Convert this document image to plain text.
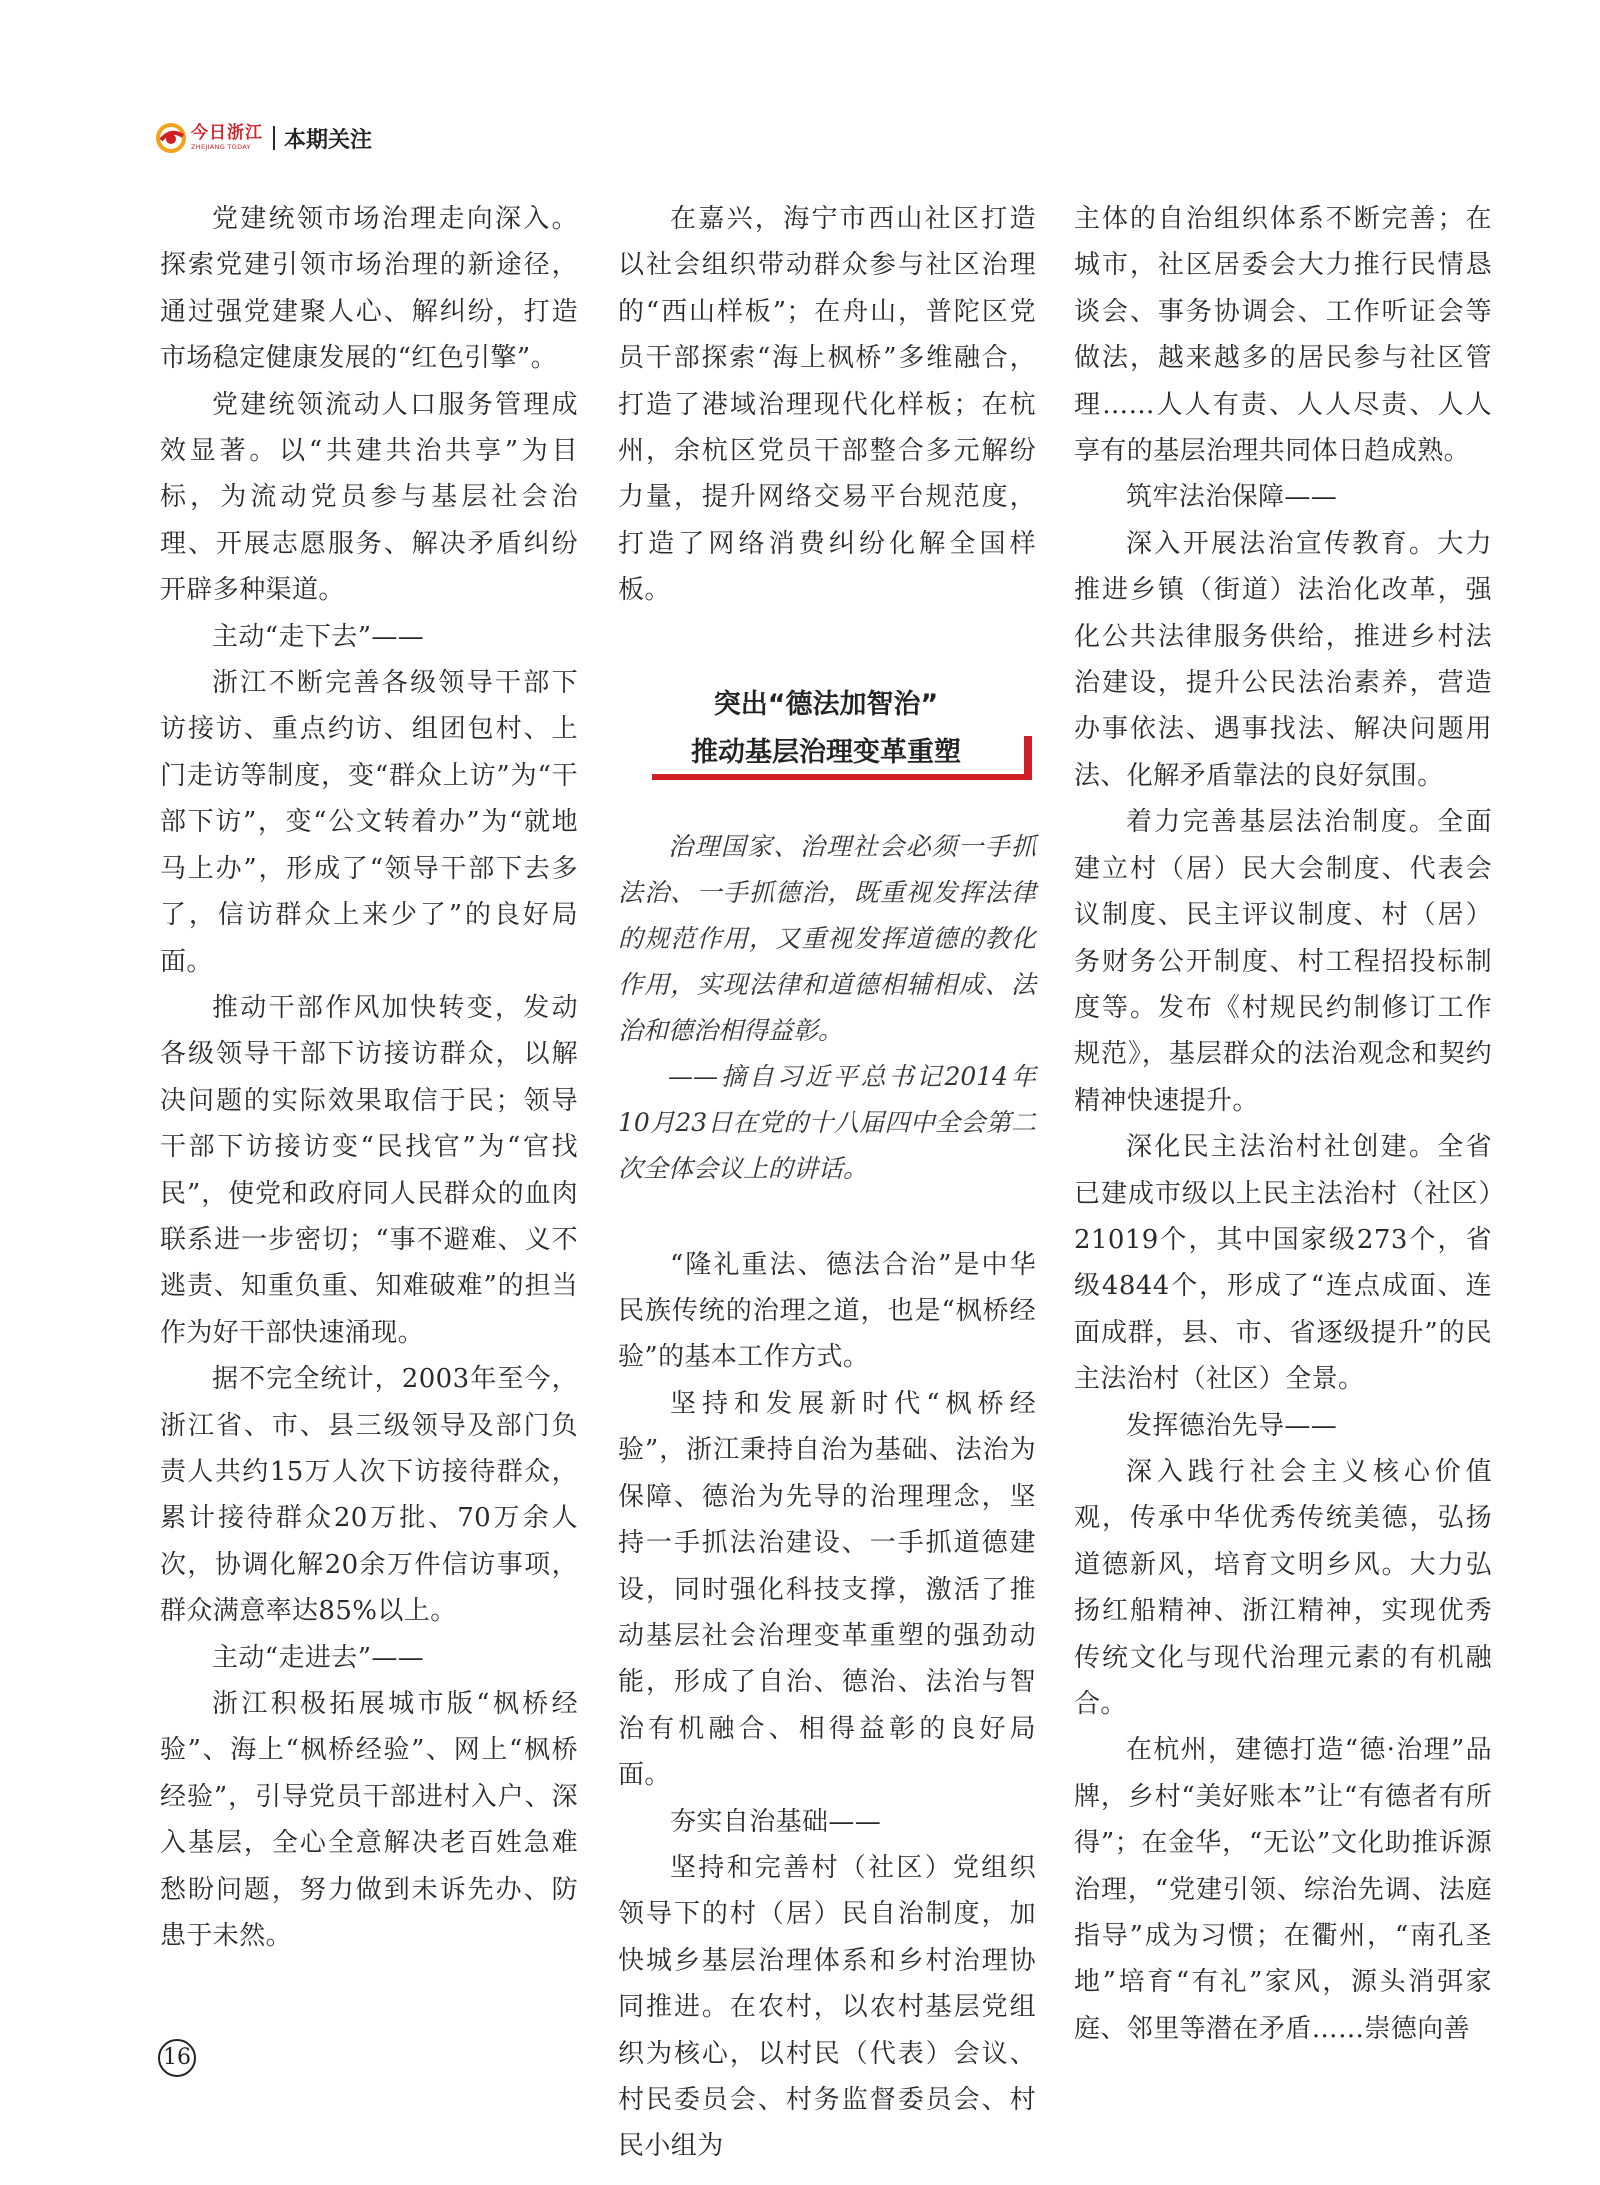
今日浙江
ZHEJIANG TODAY	本期关注

党建统领市场治理走向深入。探索党建引领市场治理的新途径，通过强党建聚人心、解纠纷，打造市场稳定健康发展的“红色引擎”。

党建统领流动人口服务管理成效显著。以“共建共治共享”为目标，为流动党员参与基层社会治理、开展志愿服务、解决矛盾纠纷开辟多种渠道。

主动“走下去”——

浙江不断完善各级领导干部下访接访、重点约访、组团包村、上门走访等制度，变“群众上访”为“干部下访”，变“公文转着办”为“就地马上办”，形成了“领导干部下去多了，信访群众上来少了”的良好局面。

推动干部作风加快转变，发动各级领导干部下访接访群众，以解决问题的实际效果取信于民；领导干部下访接访变“民找官”为“官找民”，使党和政府同人民群众的血肉联系进一步密切；“事不避难、义不逃责、知重负重、知难破难”的担当作为好干部快速涌现。

据不完全统计，2003年至今，浙江省、市、县三级领导及部门负责人共约15万人次下访接待群众，累计接待群众20万批、70万余人次，协调化解20余万件信访事项，群众满意率达85%以上。

主动“走进去”——

浙江积极拓展城市版“枫桥经验”、海上“枫桥经验”、网上“枫桥经验”，引导党员干部进村入户、深入基层，全心全意解决老百姓急难愁盼问题，努力做到未诉先办、防患于未然。

在嘉兴，海宁市西山社区打造以社会组织带动群众参与社区治理的“西山样板”；在舟山，普陀区党员干部探索“海上枫桥”多维融合，打造了港域治理现代化样板；在杭州，余杭区党员干部整合多元解纷力量，提升网络交易平台规范度，打造了网络消费纠纷化解全国样板。

突出“德法加智治”
推动基层治理变革重塑

治理国家、治理社会必须一手抓法治、一手抓德治，既重视发挥法律的规范作用，又重视发挥道德的教化作用，实现法律和道德相辅相成、法治和德治相得益彰。

——摘自习近平总书记2014年10月23日在党的十八届四中全会第二次全体会议上的讲话。

“隆礼重法、德法合治”是中华民族传统的治理之道，也是“枫桥经验”的基本工作方式。

坚持和发展新时代“枫桥经验”，浙江秉持自治为基础、法治为保障、德治为先导的治理理念，坚持一手抓法治建设、一手抓道德建设，同时强化科技支撑，激活了推动基层社会治理变革重塑的强劲动能，形成了自治、德治、法治与智治有机融合、相得益彰的良好局面。

夯实自治基础——

坚持和完善村（社区）党组织领导下的村（居）民自治制度，加快城乡基层治理体系和乡村治理协同推进。在农村，以农村基层党组织为核心，以村民（代表）会议、村民委员会、村务监督委员会、村民小组为

主体的自治组织体系不断完善；在城市，社区居委会大力推行民情恳谈会、事务协调会、工作听证会等做法，越来越多的居民参与社区管理……人人有责、人人尽责、人人享有的基层治理共同体日趋成熟。

筑牢法治保障——

深入开展法治宣传教育。大力推进乡镇（街道）法治化改革，强化公共法律服务供给，推进乡村法治建设，提升公民法治素养，营造办事依法、遇事找法、解决问题用法、化解矛盾靠法的良好氛围。

着力完善基层法治制度。全面建立村（居）民大会制度、代表会议制度、民主评议制度、村（居）务财务公开制度、村工程招投标制度等。发布《村规民约制修订工作规范》，基层群众的法治观念和契约精神快速提升。

深化民主法治村社创建。全省已建成市级以上民主法治村（社区）21019个，其中国家级273个，省级4844个，形成了“连点成面、连面成群，县、市、省逐级提升”的民主法治村（社区）全景。

发挥德治先导——

深入践行社会主义核心价值观，传承中华优秀传统美德，弘扬道德新风，培育文明乡风。大力弘扬红船精神、浙江精神，实现优秀传统文化与现代治理元素的有机融合。

在杭州，建德打造“德·治理”品牌，乡村“美好账本”让“有德者有所得”；在金华，“无讼”文化助推诉源治理，“党建引领、综治先调、法庭指导”成为习惯；在衢州，“南孔圣地”培育“有礼”家风，源头消弭家庭、邻里等潜在矛盾……崇德向善

16
